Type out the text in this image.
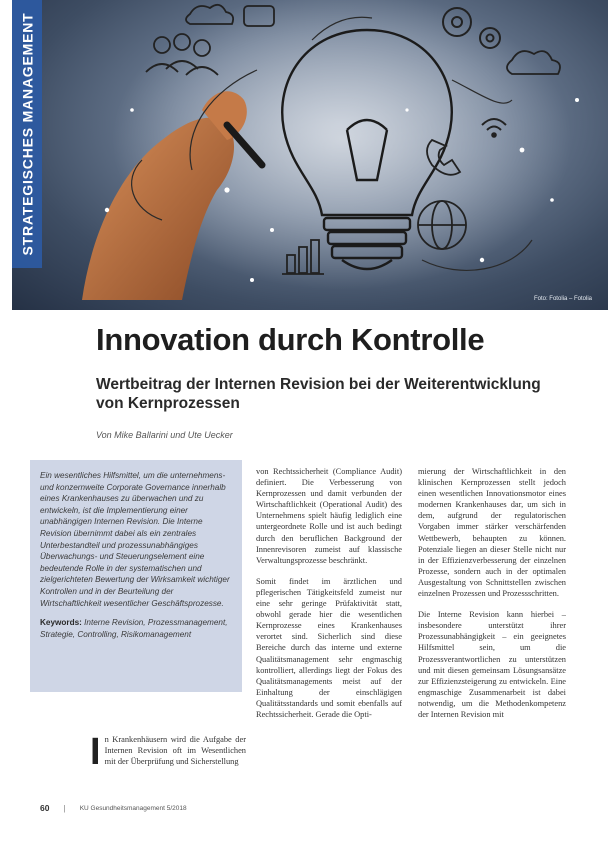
Foto: Fotolia – Fotolia
STRATEGISCHES MANAGEMENT
Innovation durch Kontrolle
Wertbeitrag der Internen Revision bei der Weiterentwicklung von Kernprozessen
Von Mike Ballarini und Ute Uecker

Ein wesentliches Hilfsmittel, um die unternehmens- und konzernweite Corporate Governance innerhalb eines Krankenhauses zu überwachen und zu entwickeln, ist die Implementierung einer unabhängigen Internen Revision. Die Interne Revision übernimmt dabei als ein zentrales Unterbestandteil und prozessunabhängiges Überwachungs- und Steuerungselement eine bedeutende Rolle in der systematischen und zielgerichteten Bewertung der Wirksamkeit wichtiger Kontrollen und in der Beurteilung der Wirtschaftlichkeit wesentlicher Geschäftsprozesse.

Keywords: Interne Revision, Prozessmanagement, Strategie, Controlling, Risikomanagement

I n Krankenhäusern wird die Aufgabe der Internen Revision oft im Wesentlichen mit der Überprüfung und Sicherstellung

von Rechtssicherheit (Compliance Audit) definiert. Die Verbesserung von Kernprozessen und damit verbunden der Wirtschaftlichkeit (Operational Audit) des Unternehmens spielt häufig lediglich eine untergeordnete Rolle und ist auch bedingt durch den beruflichen Background der Innenrevisoren zumeist auf klassische Verwaltungsprozesse beschränkt.

Somit findet im ärztlichen und pflegerischen Tätigkeitsfeld zumeist nur eine sehr geringe Prüfaktivität statt, obwohl gerade hier die wesentlichen Kernprozesse eines Krankenhauses verortet sind. Sicherlich sind diese Bereiche durch das interne und externe Qualitätsmanagement sehr engmaschig kontrolliert, allerdings liegt der Fokus des Qualitätsmanagements meist auf der Einhaltung der einschlägigen Qualitätsstandards und somit ebenfalls auf Rechtssicherheit. Gerade die Opti-

mierung der Wirtschaftlichkeit in den klinischen Kernprozessen stellt jedoch einen wesentlichen Innovationsmotor eines modernen Krankenhauses dar, um sich in dem, aufgrund der regulatorischen Vorgaben immer stärker verschärfenden Wettbewerb, behaupten zu können. Potenziale liegen an dieser Stelle nicht nur in der Effizienzverbesserung der einzelnen Prozesse, sondern auch in der optimalen Ausgestaltung von Schnittstellen zwischen einzelnen Prozessen und Prozessschritten.

Die Interne Revision kann hierbei – insbesondere unterstützt ihrer Prozessunabhängigkeit – ein geeignetes Hilfsmittel sein, um die Prozessverantwortlichen zu unterstützen und mit diesen gemeinsam Lösungsansätze zur Effizienzsteigerung zu entwickeln. Eine engmaschige Zusammenarbeit ist dabei notwendig, um die Methodenkompetenz der Internen Revision mit

60 | KU Gesundheitsmanagement 5/2018
